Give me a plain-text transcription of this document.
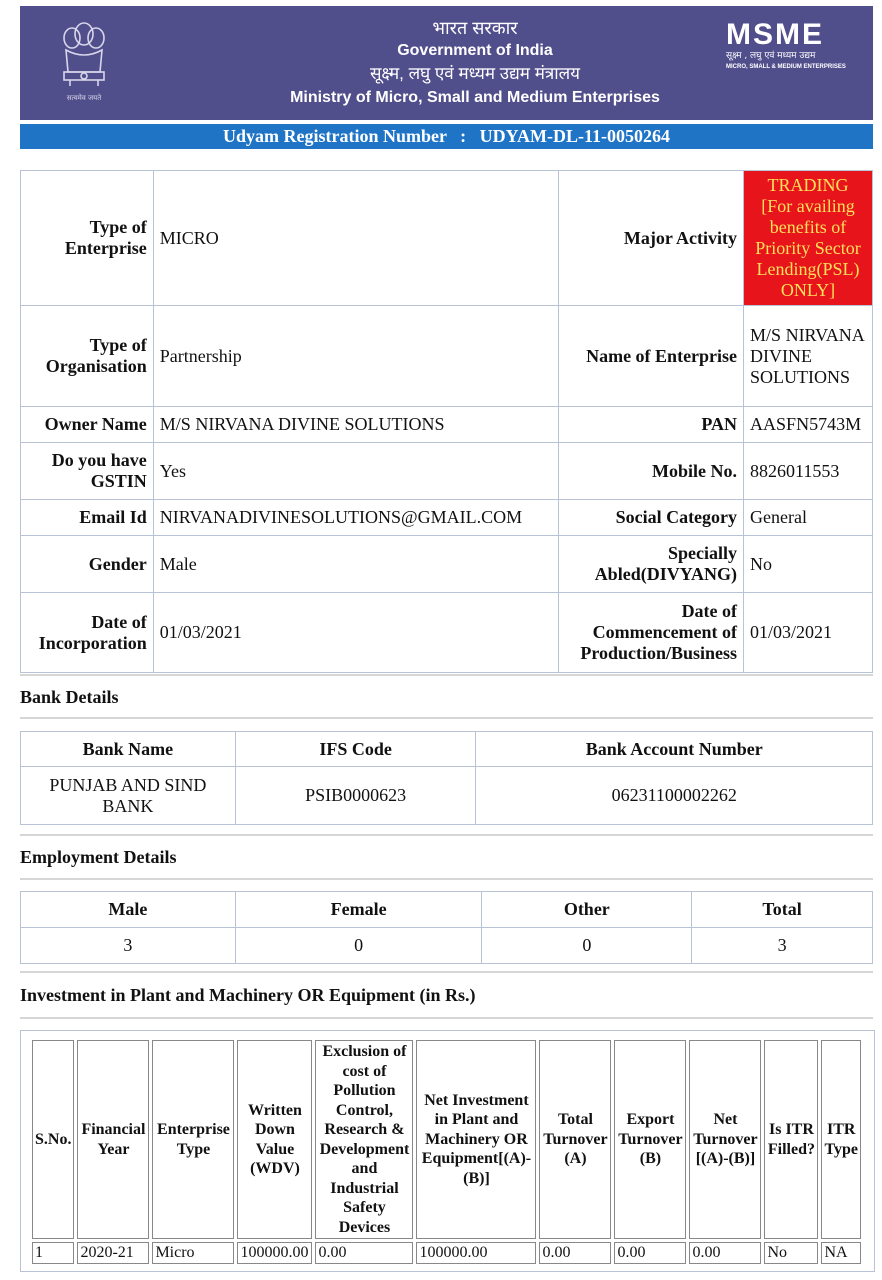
सत्यमेव जयते
भारत सरकार
Government of India
सूक्ष्म, लघु एवं मध्यम उद्यम मंत्रालय
Ministry of Micro, Small and Medium Enterprises
MSME
सूक्ष्म , लघु एवं मध्यम उद्यम
MICRO, SMALL & MEDIUM ENTERPRISES
Udyam Registration Number : UDYAM-DL-11-0050264
Type of Enterprise	MICRO	Major Activity	TRADING [For availing benefits of Priority Sector Lending(PSL) ONLY]
Type of Organisation	Partnership	Name of Enterprise	M/S NIRVANA DIVINE SOLUTIONS
Owner Name	M/S NIRVANA DIVINE SOLUTIONS	PAN	AASFN5743M
Do you have GSTIN	Yes	Mobile No.	8826011553
Email Id	NIRVANADIVINESOLUTIONS@GMAIL.COM	Social Category	General
Gender	Male	Specially Abled(DIVYANG)	No
Date of Incorporation	01/03/2021	Date of Commencement of Production/Business	01/03/2021
Bank Details
Bank Name	IFS Code	Bank Account Number
PUNJAB AND SIND BANK	PSIB0000623	06231100002262
Employment Details
Male	Female	Other	Total
3	0	0	3
Investment in Plant and Machinery OR Equipment (in Rs.)
S.No.	Financial Year	Enterprise Type	Written Down Value (WDV)	Exclusion of cost of Pollution Control, Research & Development and Industrial Safety Devices	Net Investment in Plant and Machinery OR Equipment[(A)-(B)]	Total Turnover (A)	Export Turnover (B)	Net Turnover [(A)-(B)]	Is ITR Filled?	ITR Type
1	2020-21	Micro	100000.00	0.00	100000.00	0.00	0.00	0.00	No	NA
